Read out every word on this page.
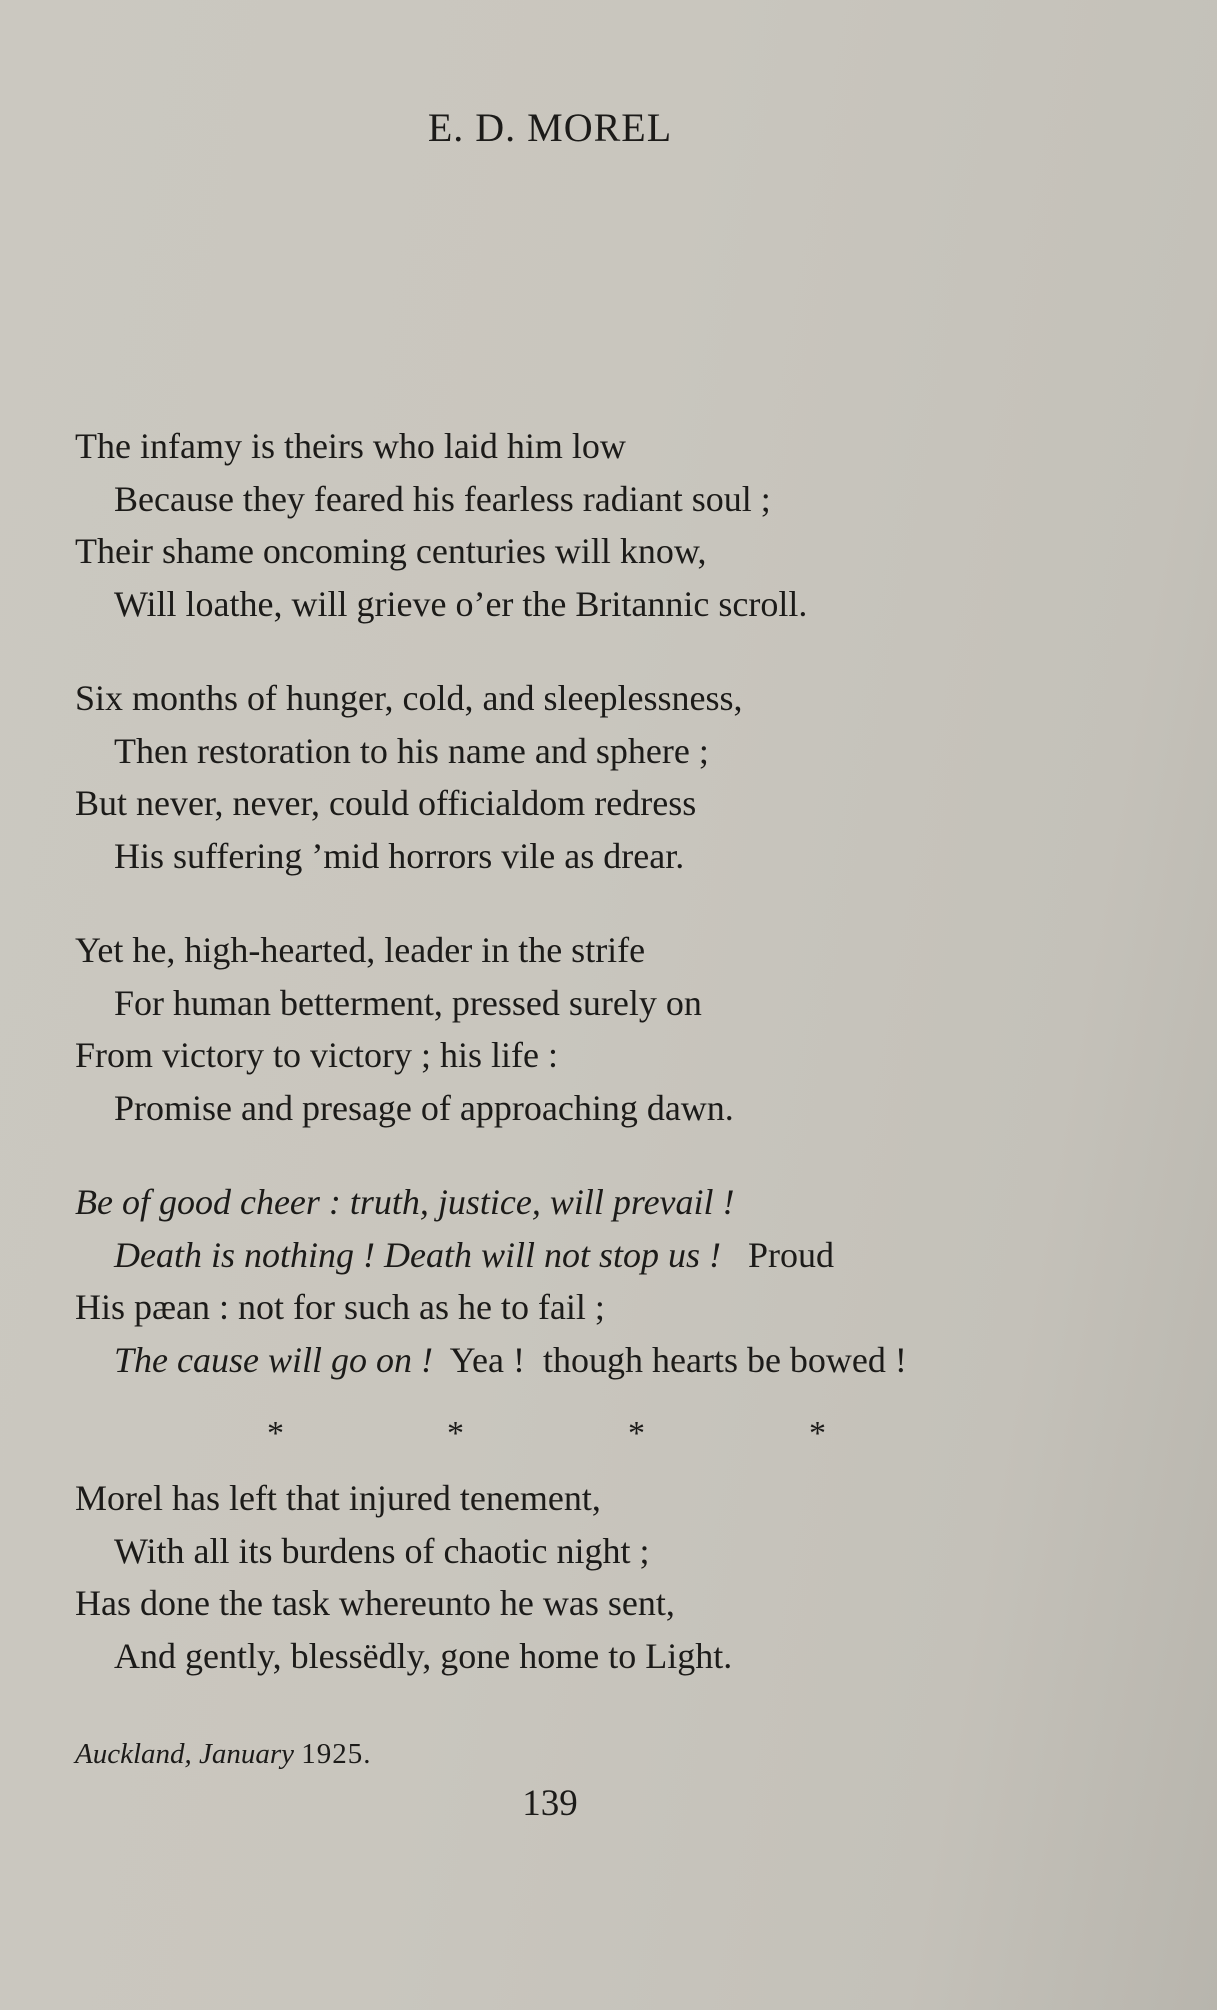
E. D. MOREL
The infamy is theirs who laid him low
Because they feared his fearless radiant soul ;
Their shame oncoming centuries will know,
Will loathe, will grieve o’er the Britannic scroll.
Six months of hunger, cold, and sleeplessness,
Then restoration to his name and sphere ;
But never, never, could officialdom redress
His suffering ’mid horrors vile as drear.
Yet he, high-hearted, leader in the strife
For human betterment, pressed surely on
From victory to victory ; his life :
Promise and presage of approaching dawn.
Be of good cheer : truth, justice, will prevail !
Death is nothing ! Death will not stop us !   Proud
His pæan : not for such as he to fail ;
The cause will go on !  Yea !  though hearts be bowed !
*	*	*	*
Morel has left that injured tenement,
With all its burdens of chaotic night ;
Has done the task whereunto he was sent,
And gently, blessëdly, gone home to Light.
Auckland, January 1925.
139
